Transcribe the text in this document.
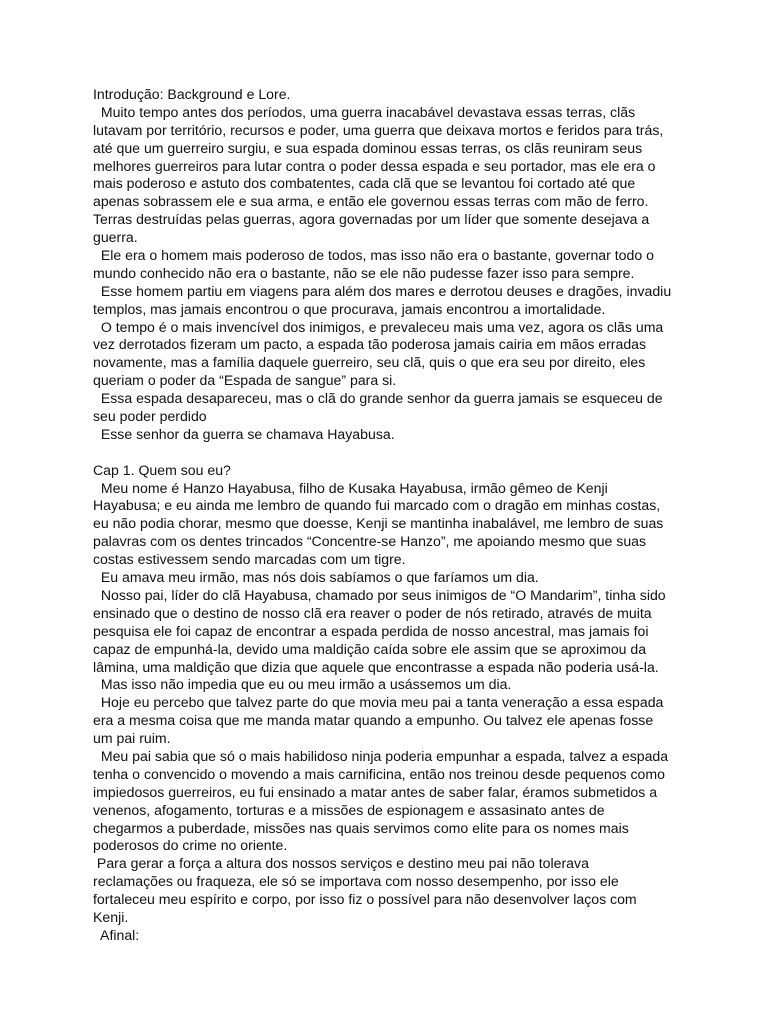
Introdução: Background e Lore.
Muito tempo antes dos períodos, uma guerra inacabável devastava essas terras, clãs
lutavam por território, recursos e poder, uma guerra que deixava mortos e feridos para trás,
até que um guerreiro surgiu, e sua espada dominou essas terras, os clãs reuniram seus
melhores guerreiros para lutar contra o poder dessa espada e seu portador, mas ele era o
mais poderoso e astuto dos combatentes, cada clã que se levantou foi cortado até que
apenas sobrassem ele e sua arma, e então ele governou essas terras com mão de ferro.
Terras destruídas pelas guerras, agora governadas por um líder que somente desejava a
guerra.
Ele era o homem mais poderoso de todos, mas isso não era o bastante, governar todo o
mundo conhecido não era o bastante, não se ele não pudesse fazer isso para sempre.
Esse homem partiu em viagens para além dos mares e derrotou deuses e dragões, invadiu
templos, mas jamais encontrou o que procurava, jamais encontrou a imortalidade.
O tempo é o mais invencível dos inimigos, e prevaleceu mais uma vez, agora os clãs uma
vez derrotados fizeram um pacto, a espada tão poderosa jamais cairia em mãos erradas
novamente, mas a família daquele guerreiro, seu clã, quis o que era seu por direito, eles
queriam o poder da “Espada de sangue” para si.
Essa espada desapareceu, mas o clã do grande senhor da guerra jamais se esqueceu de
seu poder perdido
Esse senhor da guerra se chamava Hayabusa.
Cap 1. Quem sou eu?
Meu nome é Hanzo Hayabusa, filho de Kusaka Hayabusa, irmão gêmeo de Kenji
Hayabusa; e eu ainda me lembro de quando fui marcado com o dragão em minhas costas,
eu não podia chorar, mesmo que doesse, Kenji se mantinha inabalável, me lembro de suas
palavras com os dentes trincados “Concentre-se Hanzo”, me apoiando mesmo que suas
costas estivessem sendo marcadas com um tigre.
Eu amava meu irmão, mas nós dois sabíamos o que faríamos um dia.
Nosso pai, líder do clã Hayabusa, chamado por seus inimigos de “O Mandarim”, tinha sido
ensinado que o destino de nosso clã era reaver o poder de nós retirado, através de muita
pesquisa ele foi capaz de encontrar a espada perdida de nosso ancestral, mas jamais foi
capaz de empunhá-la, devido uma maldição caída sobre ele assim que se aproximou da
lâmina, uma maldição que dizia que aquele que encontrasse a espada não poderia usá-la.
Mas isso não impedia que eu ou meu irmão a usássemos um dia.
Hoje eu percebo que talvez parte do que movia meu pai a tanta veneração a essa espada
era a mesma coisa que me manda matar quando a empunho. Ou talvez ele apenas fosse
um pai ruim.
Meu pai sabia que só o mais habilidoso ninja poderia empunhar a espada, talvez a espada
tenha o convencido o movendo a mais carnificina, então nos treinou desde pequenos como
impiedosos guerreiros, eu fui ensinado a matar antes de saber falar, éramos submetidos a
venenos, afogamento, torturas e a missões de espionagem e assasinato antes de
chegarmos a puberdade, missões nas quais servimos como elite para os nomes mais
poderosos do crime no oriente.
Para gerar a força a altura dos nossos serviços e destino meu pai não tolerava
reclamações ou fraqueza, ele só se importava com nosso desempenho, por isso ele
fortaleceu meu espírito e corpo, por isso fiz o possível para não desenvolver laços com
Kenji.
Afinal:
